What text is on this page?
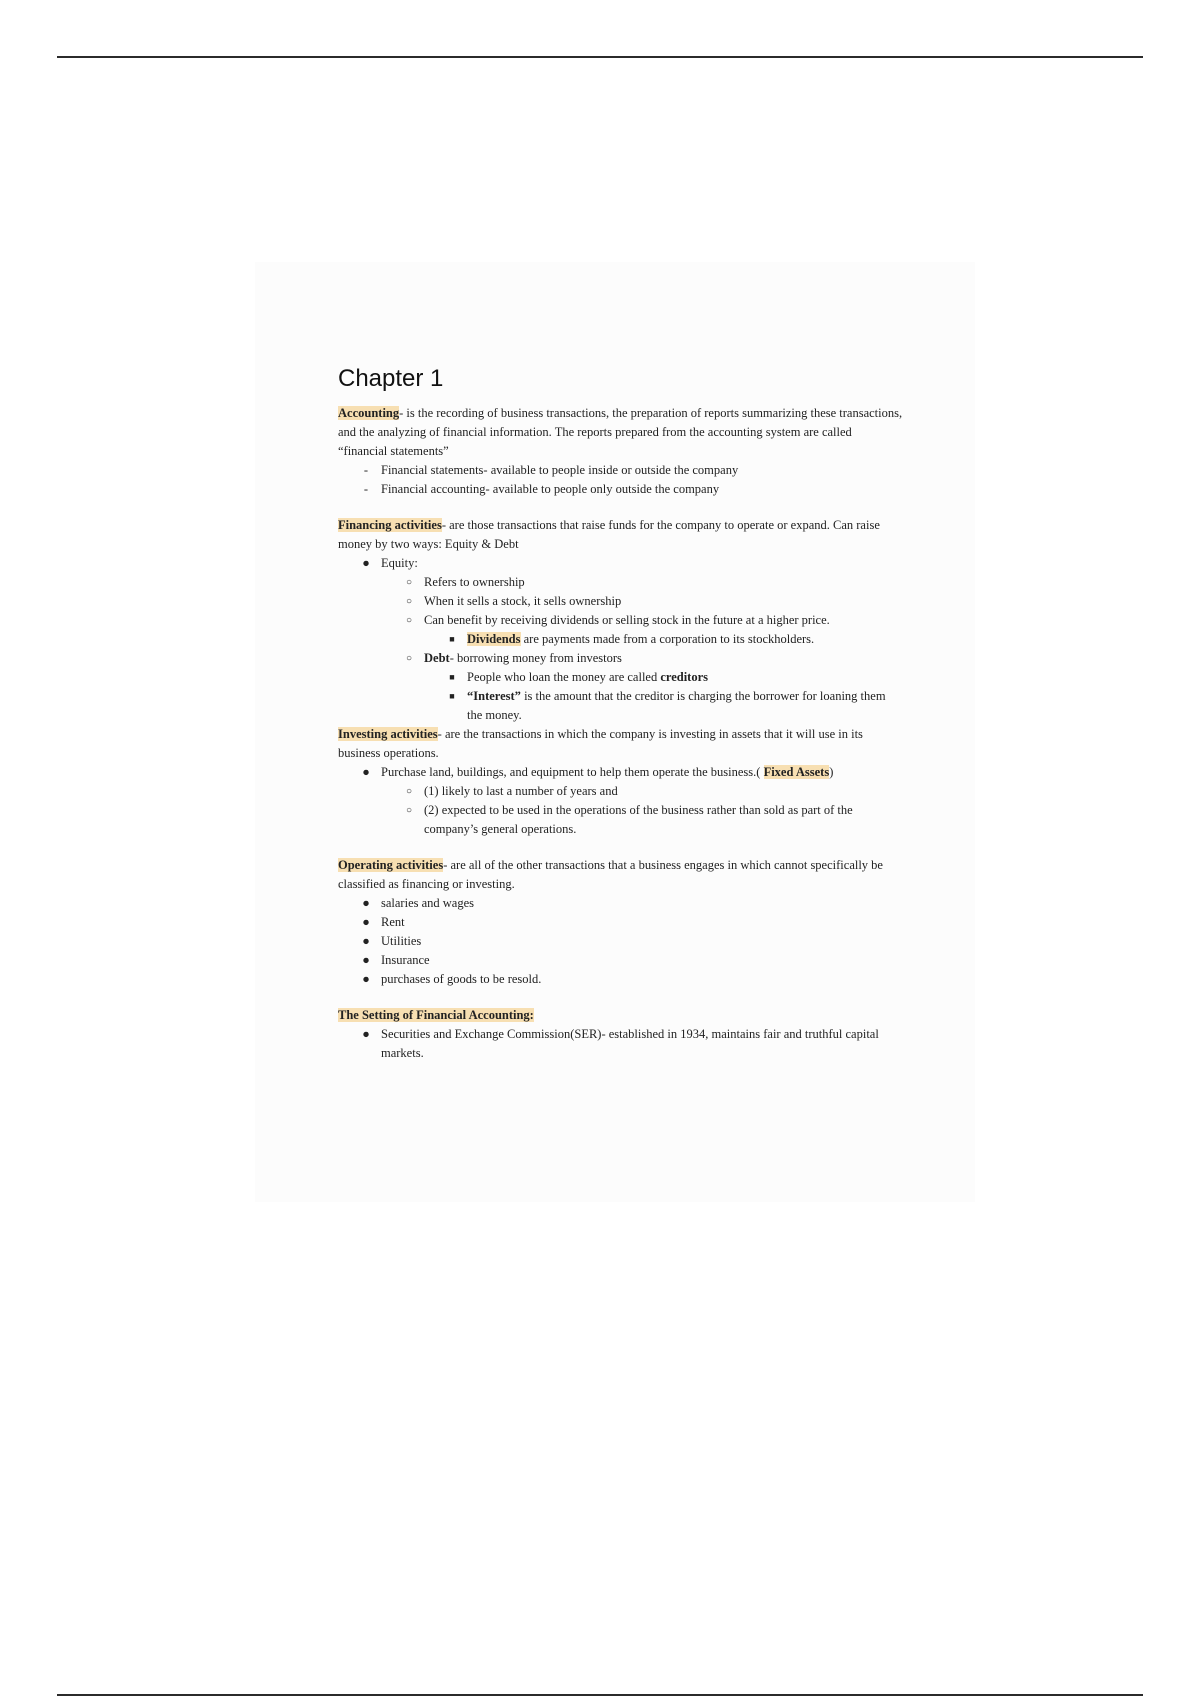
Chapter 1

Accounting- is the recording of business transactions, the preparation of reports summarizing these transactions, and the analyzing of financial information. The reports prepared from the accounting system are called “financial statements”

-	Financial statements- available to people inside or outside the company
-	Financial accounting- available to people only outside the company

Financing activities- are those transactions that raise funds for the company to operate or expand. Can raise money by two ways: Equity & Debt

● Equity:
○ Refers to ownership
○ When it sells a stock, it sells ownership
○ Can benefit by receiving dividends or selling stock in the future at a higher price.
■ Dividends are payments made from a corporation to its stockholders.
○ Debt- borrowing money from investors
■ People who loan the money are called creditors
■ “Interest” is the amount that the creditor is charging the borrower for loaning them the money.

Investing activities- are the transactions in which the company is investing in assets that it will use in its business operations.

● Purchase land, buildings, and equipment to help them operate the business.( Fixed Assets)
○ (1) likely to last a number of years and
○ (2) expected to be used in the operations of the business rather than sold as part of the company’s general operations.

Operating activities- are all of the other transactions that a business engages in which cannot specifically be classified as financing or investing.

● salaries and wages
● Rent
● Utilities
● Insurance
● purchases of goods to be resold.

The Setting of Financial Accounting:

● Securities and Exchange Commission(SER)- established in 1934, maintains fair and truthful capital markets.
